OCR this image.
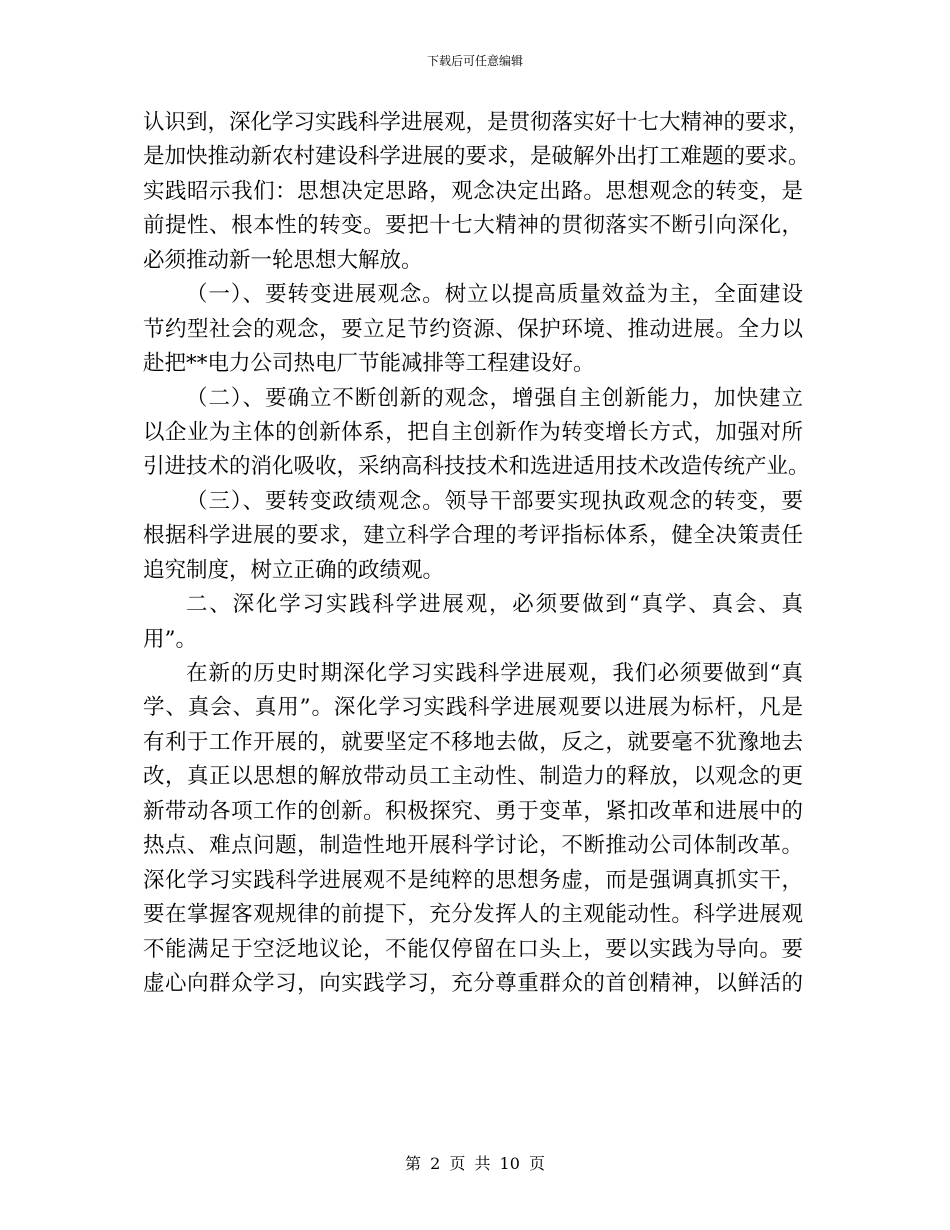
下载后可任意编辑
认识到，深化学习实践科学进展观，是贯彻落实好十七大精神的要求，
是加快推动新农村建设科学进展的要求，是破解外出打工难题的要求。
实践昭示我们：思想决定思路，观念决定出路。思想观念的转变，是
前提性、根本性的转变。要把十七大精神的贯彻落实不断引向深化，
必须推动新一轮思想大解放。
（一）、要转变进展观念。树立以提高质量效益为主，全面建设
节约型社会的观念，要立足节约资源、保护环境、推动进展。全力以
赴把**电力公司热电厂节能减排等工程建设好。
（二）、要确立不断创新的观念，增强自主创新能力，加快建立
以企业为主体的创新体系，把自主创新作为转变增长方式，加强对所
引进技术的消化吸收，采纳高科技技术和选进适用技术改造传统产业。
（三）、要转变政绩观念。领导干部要实现执政观念的转变，要
根据科学进展的要求，建立科学合理的考评指标体系，健全决策责任
追究制度，树立正确的政绩观。
二、深化学习实践科学进展观，必须要做到“真学、真会、真
用”。
在新的历史时期深化学习实践科学进展观，我们必须要做到“真
学、真会、真用”。深化学习实践科学进展观要以进展为标杆，凡是
有利于工作开展的，就要坚定不移地去做，反之，就要毫不犹豫地去
改，真正以思想的解放带动员工主动性、制造力的释放，以观念的更
新带动各项工作的创新。积极探究、勇于变革，紧扣改革和进展中的
热点、难点问题，制造性地开展科学讨论，不断推动公司体制改革。
深化学习实践科学进展观不是纯粹的思想务虚，而是强调真抓实干，
要在掌握客观规律的前提下，充分发挥人的主观能动性。科学进展观
不能满足于空泛地议论，不能仅停留在口头上，要以实践为导向。要
虚心向群众学习，向实践学习，充分尊重群众的首创精神，以鲜活的
第 2 页 共 10 页
